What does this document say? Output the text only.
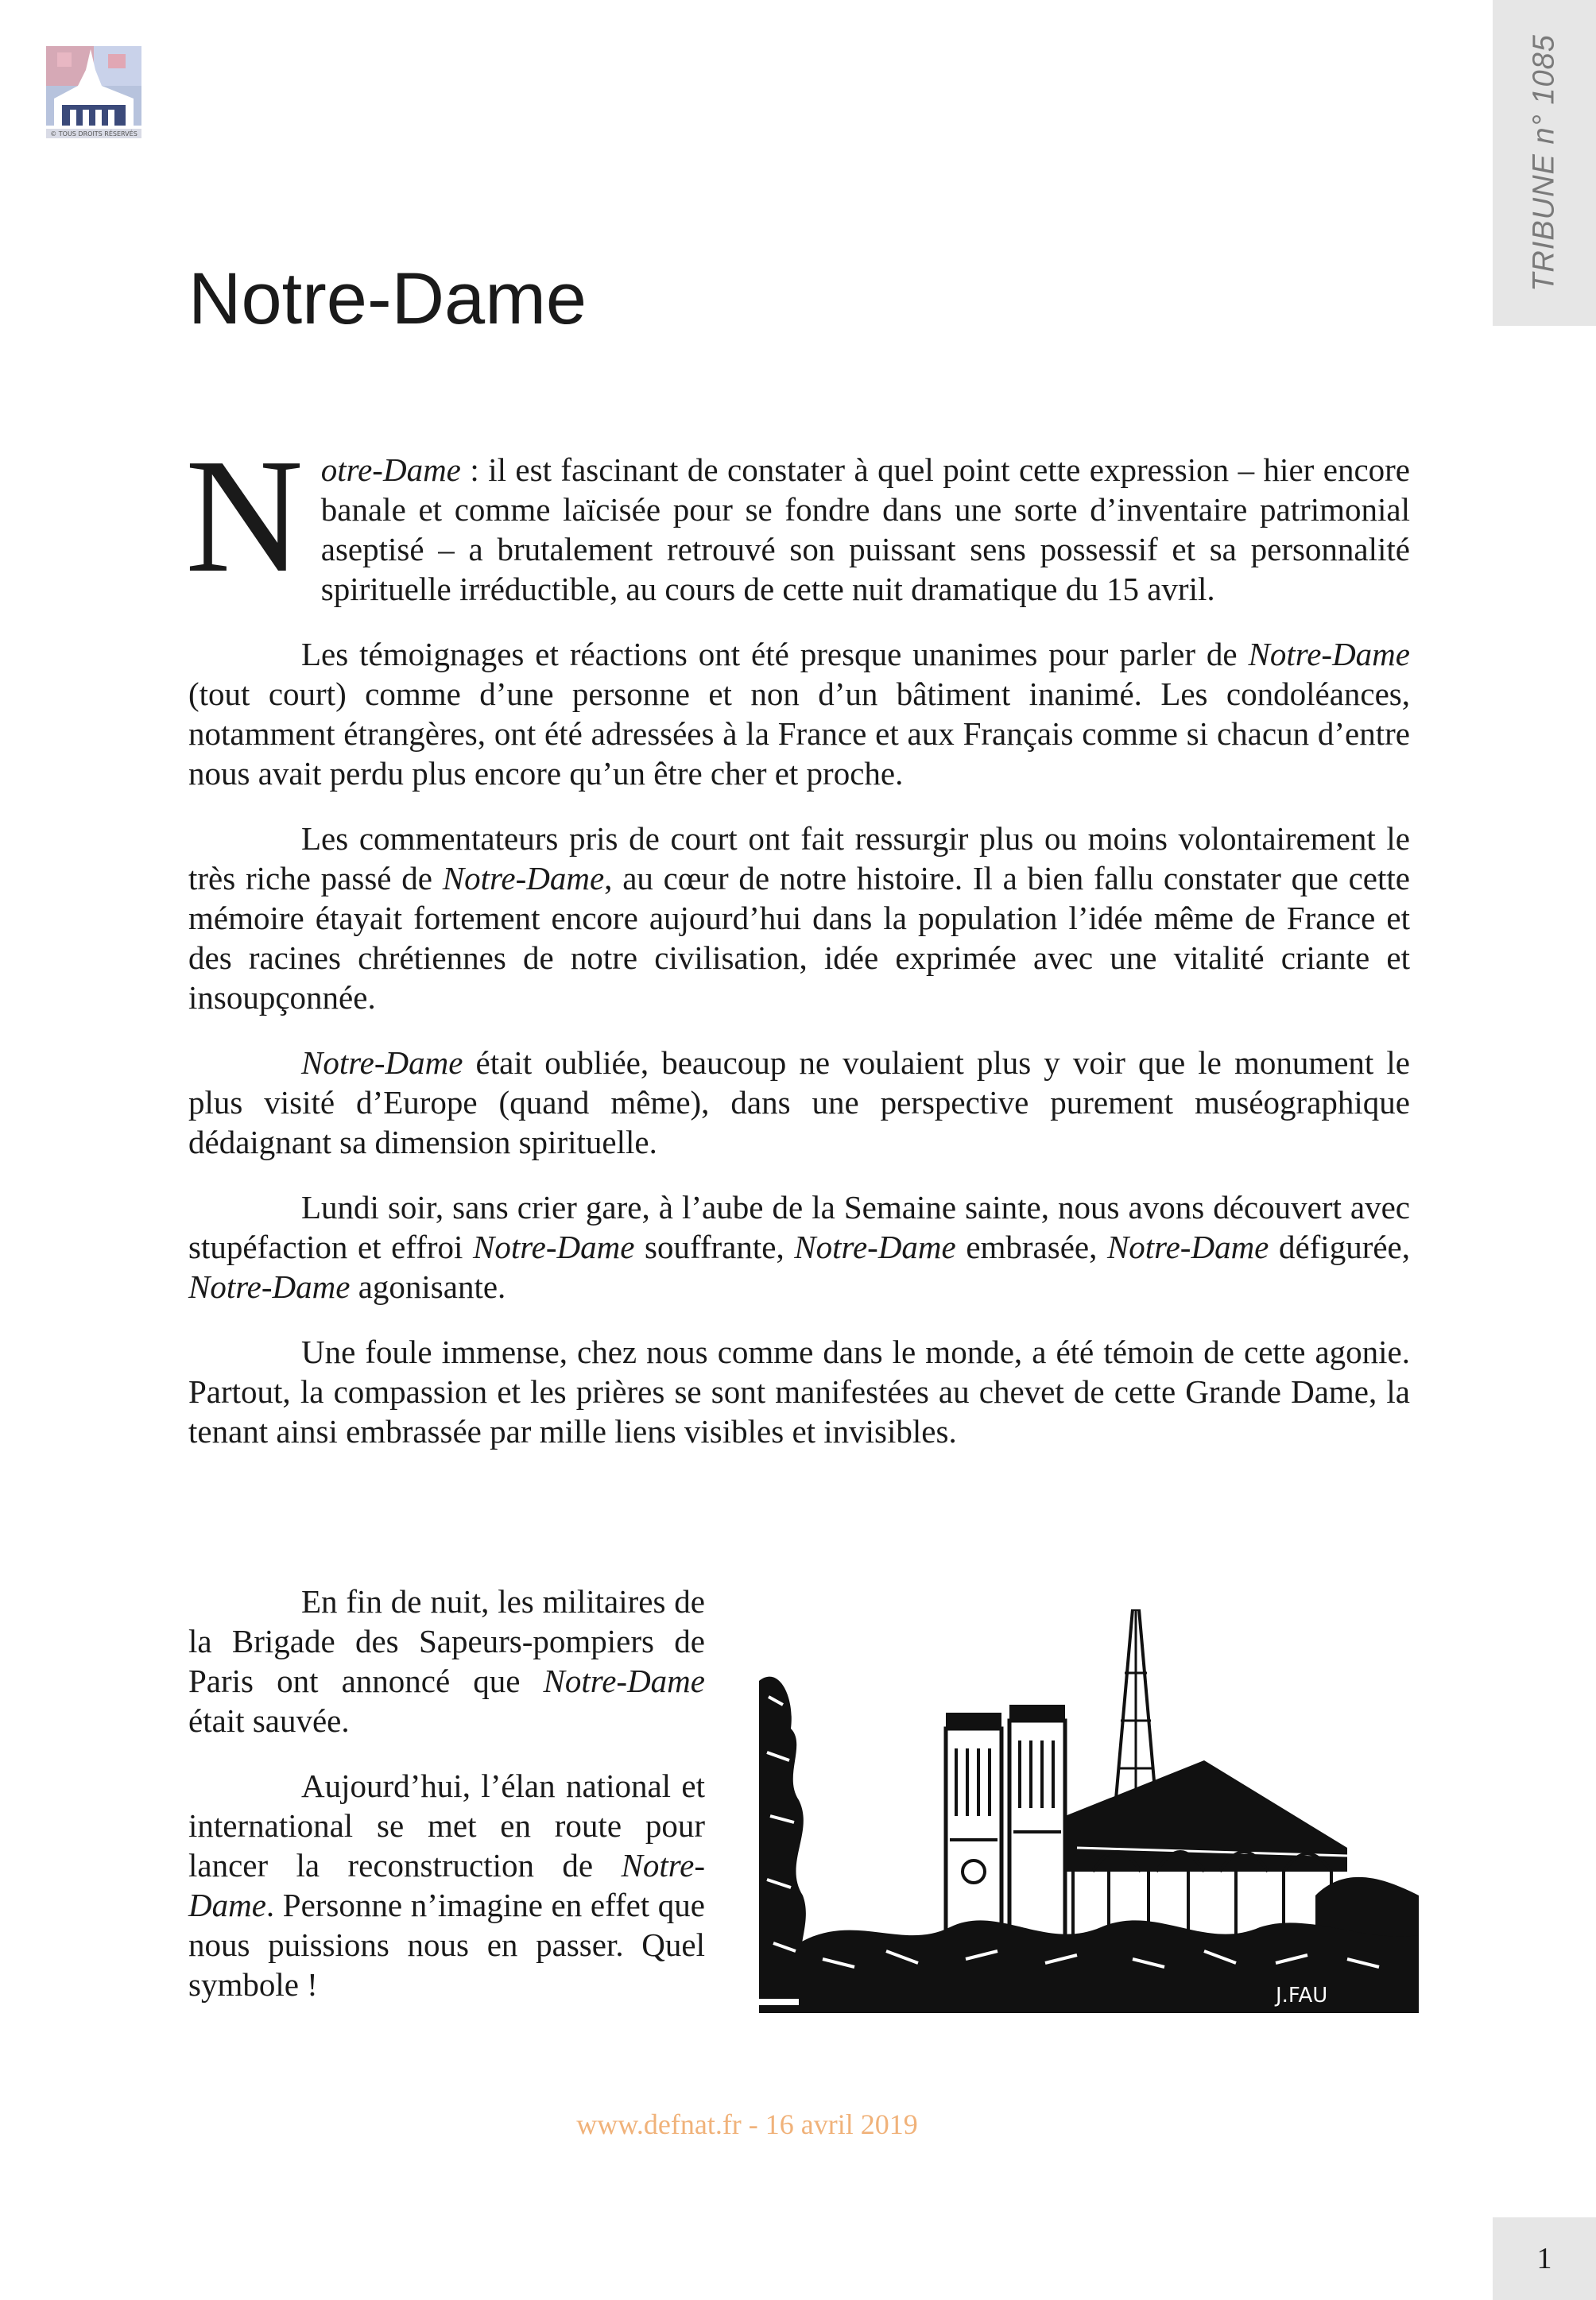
© TOUS DROITS RÉSERVÉS	TRIBUNE n° 1085
Notre-Dame

Notre-Dame : il est fascinant de constater à quel point cette expression – hier encore banale et comme laïcisée pour se fondre dans une sorte d’inventaire patrimonial aseptisé – a brutalement retrouvé son puissant sens possessif et sa personnalité spirituelle irréductible, au cours de cette nuit dramatique du 15 avril.

Les témoignages et réactions ont été presque unanimes pour parler de Notre-Dame (tout court) comme d’une personne et non d’un bâtiment inanimé. Les condoléances, notamment étrangères, ont été adressées à la France et aux Français comme si chacun d’entre nous avait perdu plus encore qu’un être cher et proche.

Les commentateurs pris de court ont fait ressurgir plus ou moins volontairement le très riche passé de Notre-Dame, au cœur de notre histoire. Il a bien fallu constater que cette mémoire étayait fortement encore aujourd’hui dans la population l’idée même de France et des racines chrétiennes de notre civilisation, idée exprimée avec une vitalité criante et insoupçonnée.

Notre-Dame était oubliée, beaucoup ne voulaient plus y voir que le monument le plus visité d’Europe (quand même), dans une perspective purement muséographique dédaignant sa dimension spirituelle.

Lundi soir, sans crier gare, à l’aube de la Semaine sainte, nous avons découvert avec stupéfaction et effroi Notre-Dame souffrante, Notre-Dame embrasée, Notre-Dame défigurée, Notre-Dame agonisante.

Une foule immense, chez nous comme dans le monde, a été témoin de cette agonie. Partout, la compassion et les prières se sont manifestées au chevet de cette Grande Dame, la tenant ainsi embrassée par mille liens visibles et invisibles.

En fin de nuit, les militaires de la Brigade des Sapeurs-pompiers de Paris ont annoncé que Notre-Dame était sauvée.

Aujourd’hui, l’élan national et international se met en route pour lancer la reconstruction de Notre-Dame. Personne n’imagine en effet que nous puissions nous en passer. Quel symbole !	J.FAU
www.defnat.fr - 16 avril 2019
1
